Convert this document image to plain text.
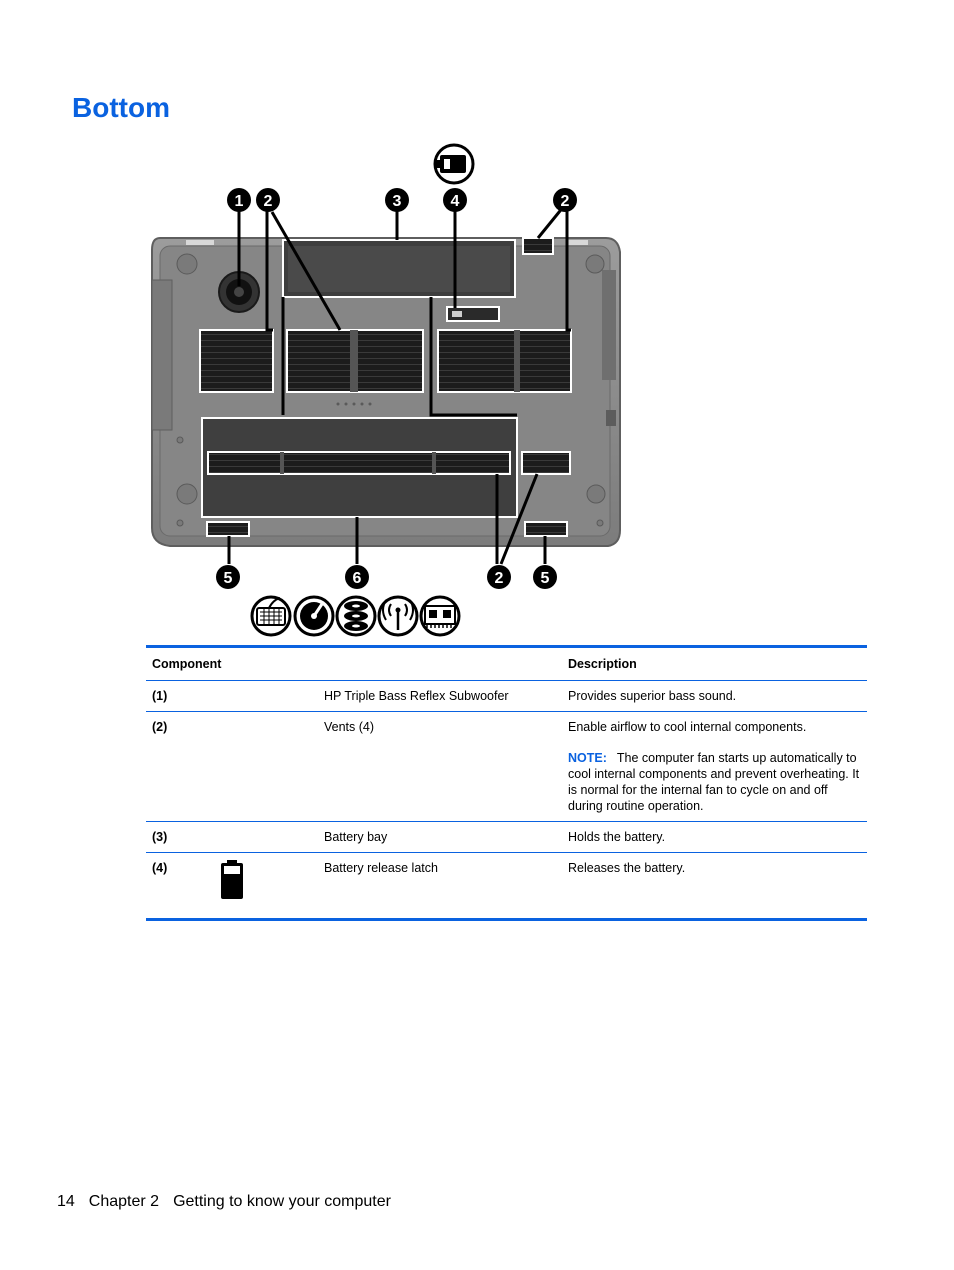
Bottom
1 2	3	4	2
5	6	2 5
Component			Description
(1)		HP Triple Bass Reflex Subwoofer	Provides superior bass sound.
(2)		Vents (4)	Enable airflow to cool internal components.

NOTE: The computer fan starts up automatically to cool internal components and prevent overheating. It is normal for the internal fan to cycle on and off during routine operation.

(3)		Battery bay	Holds the battery.
(4)		Battery release latch	Releases the battery.
14 Chapter 2 Getting to know your computer
